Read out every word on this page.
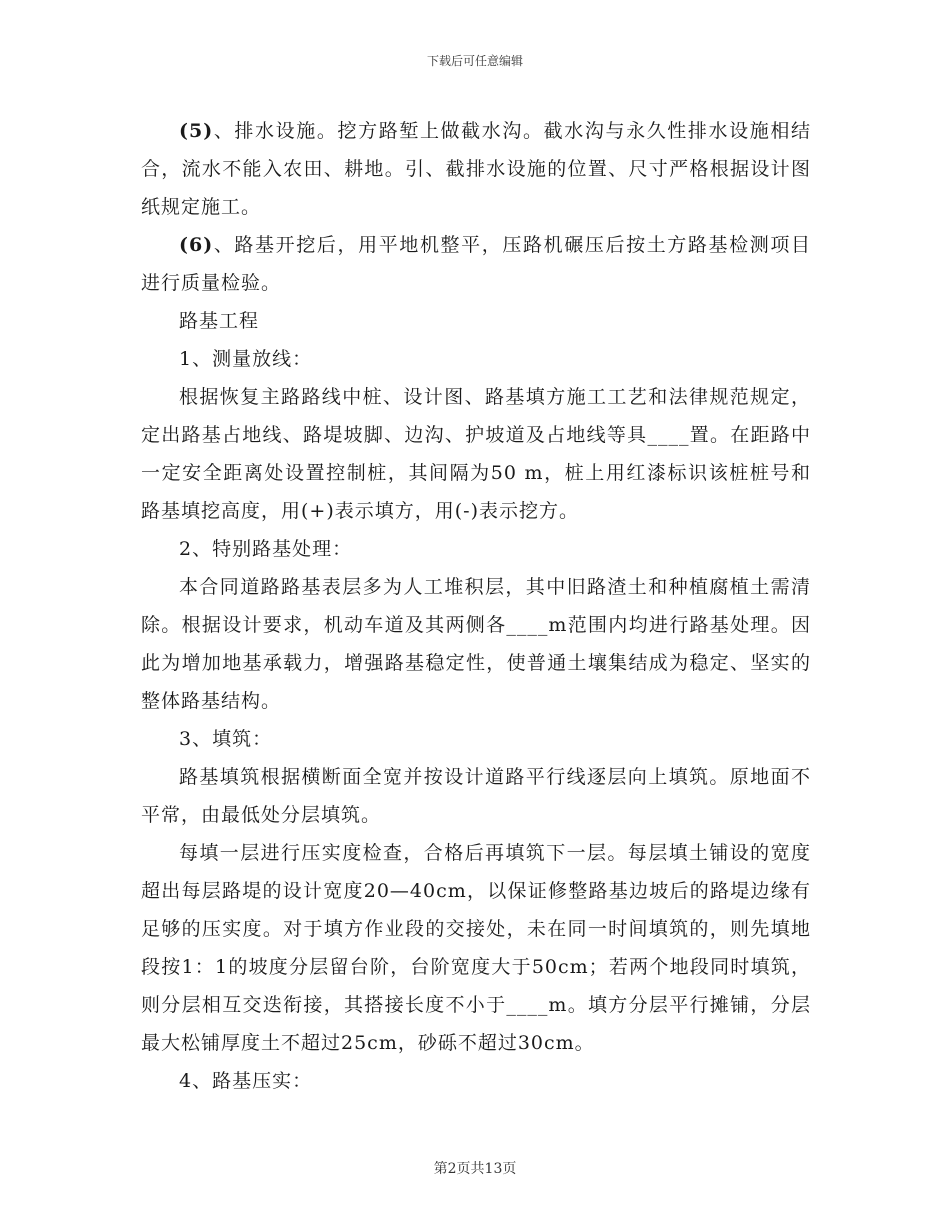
下载后可任意编辑

(5)、排水设施。挖方路堑上做截水沟。截水沟与永久性排水设施相结合，流水不能入农田、耕地。引、截排水设施的位置、尺寸严格根据设计图纸规定施工。

(6)、路基开挖后，用平地机整平，压路机碾压后按土方路基检测项目进行质量检验。

路基工程

1、测量放线：

根据恢复主路路线中桩、设计图、路基填方施工工艺和法律规范规定，定出路基占地线、路堤坡脚、边沟、护坡道及占地线等具____置。在距路中一定安全距离处设置控制桩，其间隔为50 m，桩上用红漆标识该桩桩号和路基填挖高度，用(+)表示填方，用(-)表示挖方。

2、特别路基处理：

本合同道路路基表层多为人工堆积层，其中旧路渣土和种植腐植土需清除。根据设计要求，机动车道及其两侧各____m范围内均进行路基处理。因此为增加地基承载力，增强路基稳定性，使普通土壤集结成为稳定、坚实的整体路基结构。

3、填筑：

路基填筑根据横断面全宽并按设计道路平行线逐层向上填筑。原地面不平常，由最低处分层填筑。

每填一层进行压实度检查，合格后再填筑下一层。每层填土铺设的宽度超出每层路堤的设计宽度20—40cm，以保证修整路基边坡后的路堤边缘有足够的压实度。对于填方作业段的交接处，未在同一时间填筑的，则先填地段按1：1的坡度分层留台阶，台阶宽度大于50cm；若两个地段同时填筑，则分层相互交迭衔接，其搭接长度不小于____m。填方分层平行摊铺，分层最大松铺厚度土不超过25cm，砂砾不超过30cm。

4、路基压实：

第2页共13页
